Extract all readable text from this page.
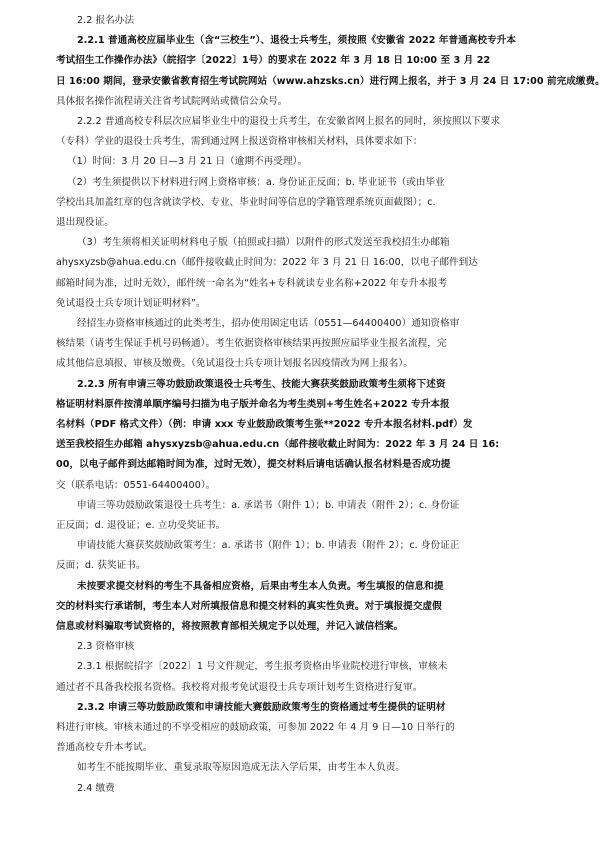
2.2 报名办法
2.2.1 普通高校应届毕业生（含“三校生”）、退役士兵考生，须按照《安徽省 2022 年普通高校专升本
考试招生工作操作办法》（皖招字〔2022〕1号）的要求在 2022 年 3 月 18 日 10:00 至 3 月 22
日 16:00 期间，登录安徽省教育招生考试院网站（www.ahzsks.cn）进行网上报名，并于 3 月 24 日 17:00 前完成缴费。
具体报名操作流程请关注省考试院网站或微信公众号。
2.2.2 普通高校专科层次应届毕业生中的退役士兵考生，在安徽省网上报名的同时，须按照以下要求
（专科）学业的退役士兵考生，需到通过网上报送资格审核相关材料，具体要求如下：
（1）时间：3 月 20 日—3 月 21 日（逾期不再受理）。
（2）考生须提供以下材料进行网上资格审核：a. 身份证正反面；b. 毕业证书（或由毕业
学校出具加盖红章的包含就读学校、专业、毕业时间等信息的学籍管理系统页面截图）；c.
退出现役证。
（3）考生须将相关证明材料电子版（拍照或扫描）以附件的形式发送至我校招生办邮箱
ahysxyzsb@ahua.edu.cn（邮件接收截止时间为：2022 年 3 月 21 日 16:00，以电子邮件到达
邮箱时间为准，过时无效），邮件统一命名为“姓名+专科就读专业名称+2022 年专升本报考
免试退役士兵专项计划证明材料”。
经招生办资格审核通过的此类考生，招办使用固定电话（0551—64400400）通知资格审
核结果（请考生保证手机号码畅通）。考生依据资格审核结果再按照应届毕业生报名流程，完
成其他信息填报、审核及缴费。（免试退役士兵专项计划报名因疫情改为网上报名）。
2.2.3 所有申请三等功鼓励政策退役士兵考生、技能大赛获奖鼓励政策考生须将下述资
格证明材料原件按清单顺序编号扫描为电子版并命名为考生类别+考生姓名+2022 专升本报
名材料（PDF 格式文件）（例：申请 xxx 专业鼓励政策考生张**2022 专升本报名材料.pdf）发
送至我校招生办邮箱 ahysxyzsb@ahua.edu.cn（邮件接收截止时间为：2022 年 3 月 24 日 16:
00，以电子邮件到达邮箱时间为准，过时无效），提交材料后请电话确认报名材料是否成功提
交（联系电话：0551-64400400）。
申请三等功鼓励政策退役士兵考生：a. 承诺书（附件 1）；b. 申请表（附件 2）；c. 身份证
正反面；d. 退役证；e. 立功受奖证书。
申请技能大赛获奖鼓励政策考生：a. 承诺书（附件 1）；b. 申请表（附件 2）；c. 身份证正
反面；d. 获奖证书。
未按要求提交材料的考生不具备相应资格，后果由考生本人负责。考生填报的信息和提
交的材料实行承诺制，考生本人对所填报信息和提交材料的真实性负责。对于填报提交虚假
信息或材料骗取考试资格的，将按照教育部相关规定予以处理，并记入诚信档案。
2.3 资格审核
2.3.1 根据皖招字〔2022〕1 号文件规定，考生报考资格由毕业院校进行审核，审核未
通过者不具备我校报名资格。我校将对报考免试退役士兵专项计划考生资格进行复审。
2.3.2 申请三等功鼓励政策和申请技能大赛鼓励政策考生的资格通过考生提供的证明材
料进行审核。审核未通过的不享受相应的鼓励政策，可参加 2022 年 4 月 9 日—10 日举行的
普通高校专升本考试。
如考生不能按期毕业、重复录取等原因造成无法入学后果，由考生本人负责。
2.4 缴费
